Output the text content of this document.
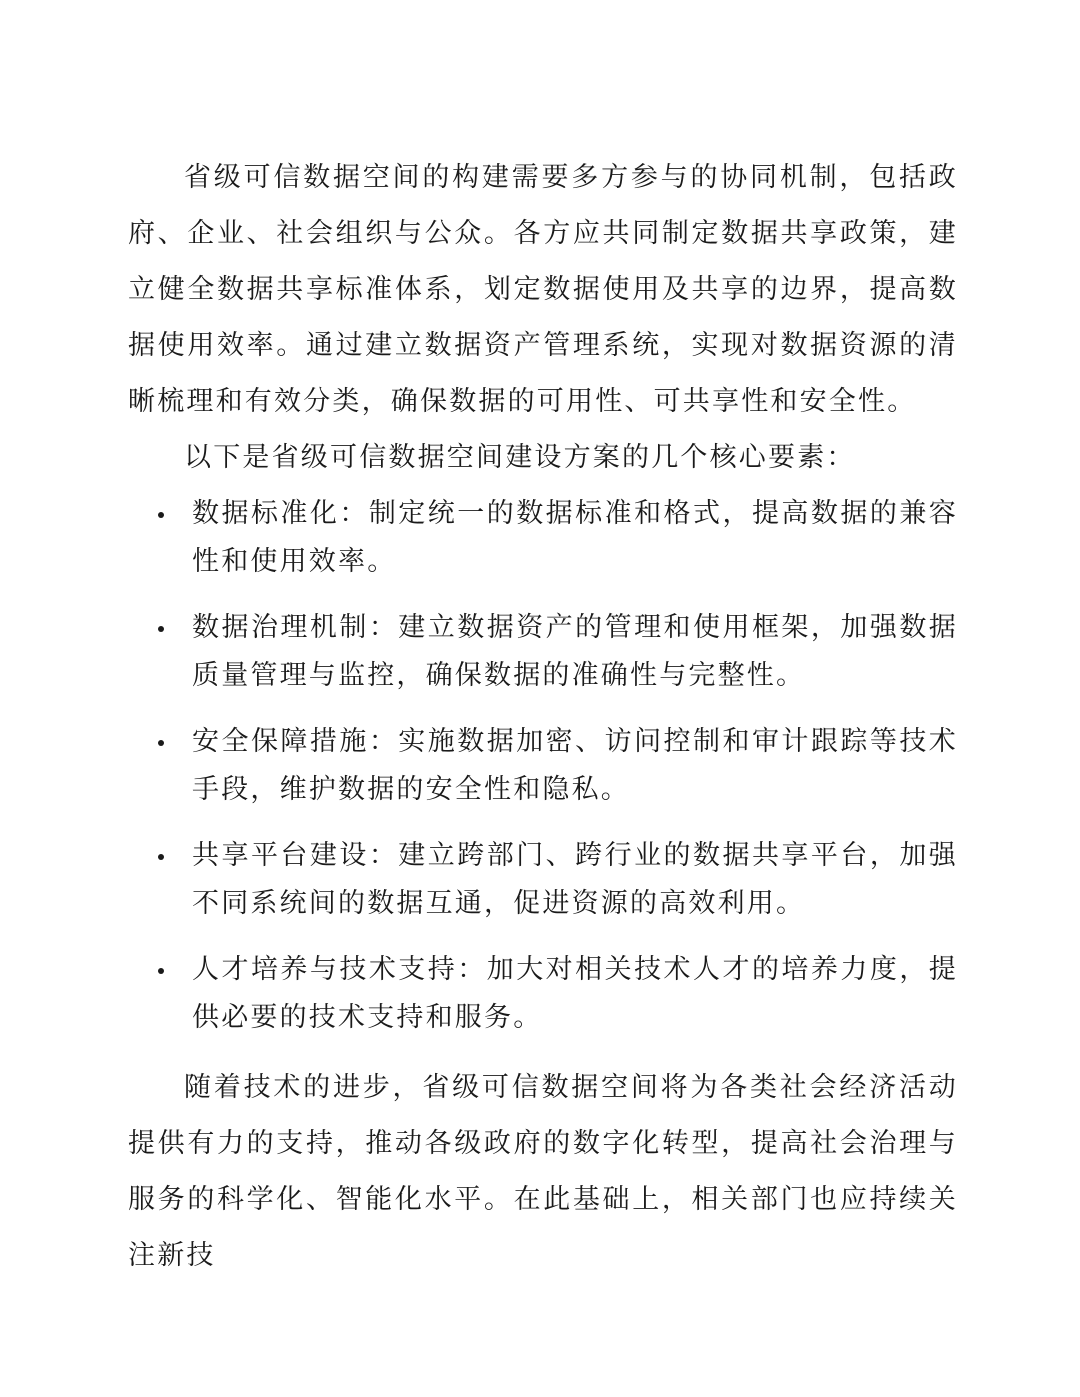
省级可信数据空间的构建需要多方参与的协同机制，包括政府、企业、社会组织与公众。各方应共同制定数据共享政策，建立健全数据共享标准体系，划定数据使用及共享的边界，提高数据使用效率。通过建立数据资产管理系统，实现对数据资源的清晰梳理和有效分类，确保数据的可用性、可共享性和安全性。

以下是省级可信数据空间建设方案的几个核心要素：

数据标准化：制定统一的数据标准和格式，提高数据的兼容性和使用效率。
数据治理机制：建立数据资产的管理和使用框架，加强数据质量管理与监控，确保数据的准确性与完整性。
安全保障措施：实施数据加密、访问控制和审计跟踪等技术手段，维护数据的安全性和隐私。
共享平台建设：建立跨部门、跨行业的数据共享平台，加强不同系统间的数据互通，促进资源的高效利用。
人才培养与技术支持：加大对相关技术人才的培养力度，提供必要的技术支持和服务。

随着技术的进步，省级可信数据空间将为各类社会经济活动提供有力的支持，推动各级政府的数字化转型，提高社会治理与服务的科学化、智能化水平。在此基础上，相关部门也应持续关注新技
